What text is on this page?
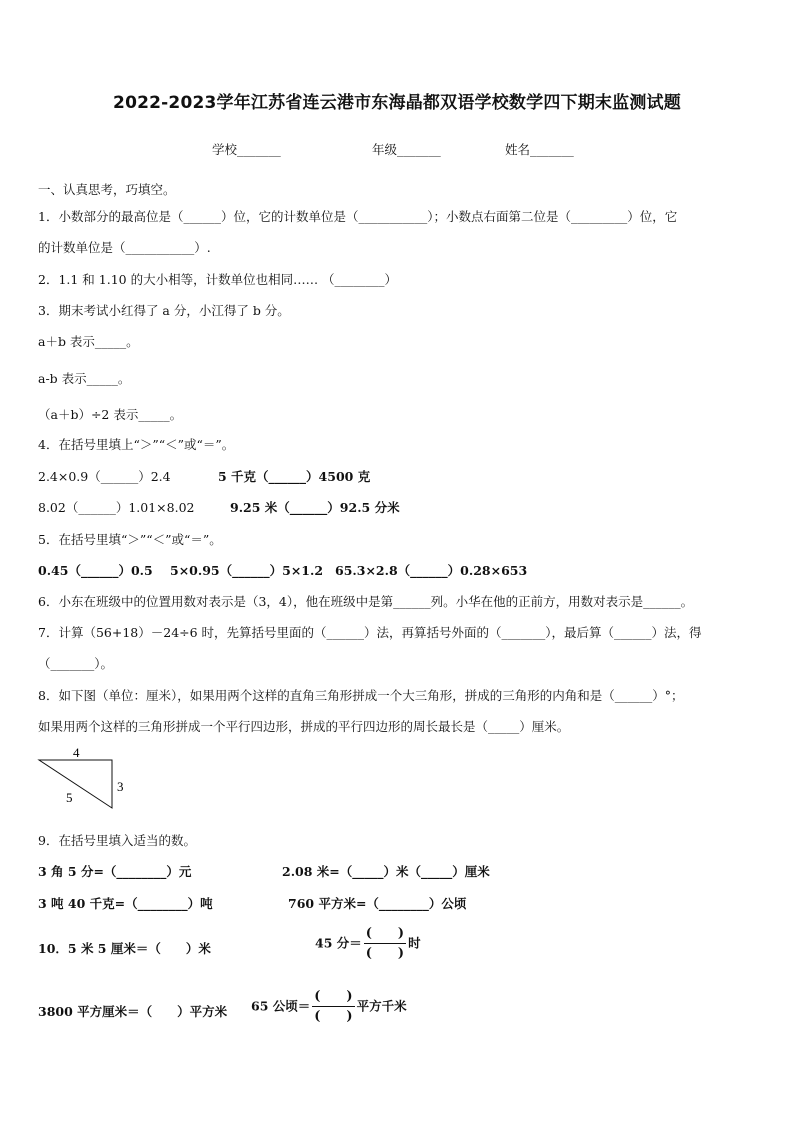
2022-2023学年江苏省连云港市东海晶都双语学校数学四下期末监测试题
学校_______	年级_______	姓名_______
一、认真思考，巧填空。
1．小数部分的最高位是（______）位，它的计数单位是（___________）；小数点右面第二位是（_________）位，它
的计数单位是（___________）.
2．1.1 和 1.10 的大小相等，计数单位也相同…… （________）
3．期末考试小红得了 a 分，小江得了 b 分。
a＋b 表示_____。
a-b 表示_____。
（a＋b）÷2 表示_____。
4．在括号里填上“＞”“＜”或“＝”。
2.4×0.9（______）2.4	5 千克（______）4500 克
8.02（______）1.01×8.02	9.25 米（______）92.5 分米
5．在括号里填“＞”“＜”或“＝”。
0.45（______）0.5 5×0.95（______）5×1.2 65.3×2.8（______）0.28×653
6．小东在班级中的位置用数对表示是（3，4），他在班级中是第______列。小华在他的正前方，用数对表示是______。
7．计算（56+18）－24÷6 时，先算括号里面的（______）法，再算括号外面的（_______），最后算（______）法，得
（_______）。
8．如下图（单位：厘米），如果用两个这样的直角三角形拼成一个大三角形，拼成的三角形的内角和是（______）°；
如果用两个这样的三角形拼成一个平行四边形，拼成的平行四边形的周长最长是（_____）厘米。
4
5
3
9．在括号里填入适当的数。
3 角 5 分=（________）元	2.08 米=（_____）米（_____）厘米
3 吨 40 千克=（________）吨	760 平方米=（________）公顷
10．5 米 5 厘米＝（　　）米	45 分＝ $\frac{( )}{( )}$ 时
3800 平方厘米＝（　　）平方米 65 公顷＝ $\frac{( )}{( )}$ 平方千米
